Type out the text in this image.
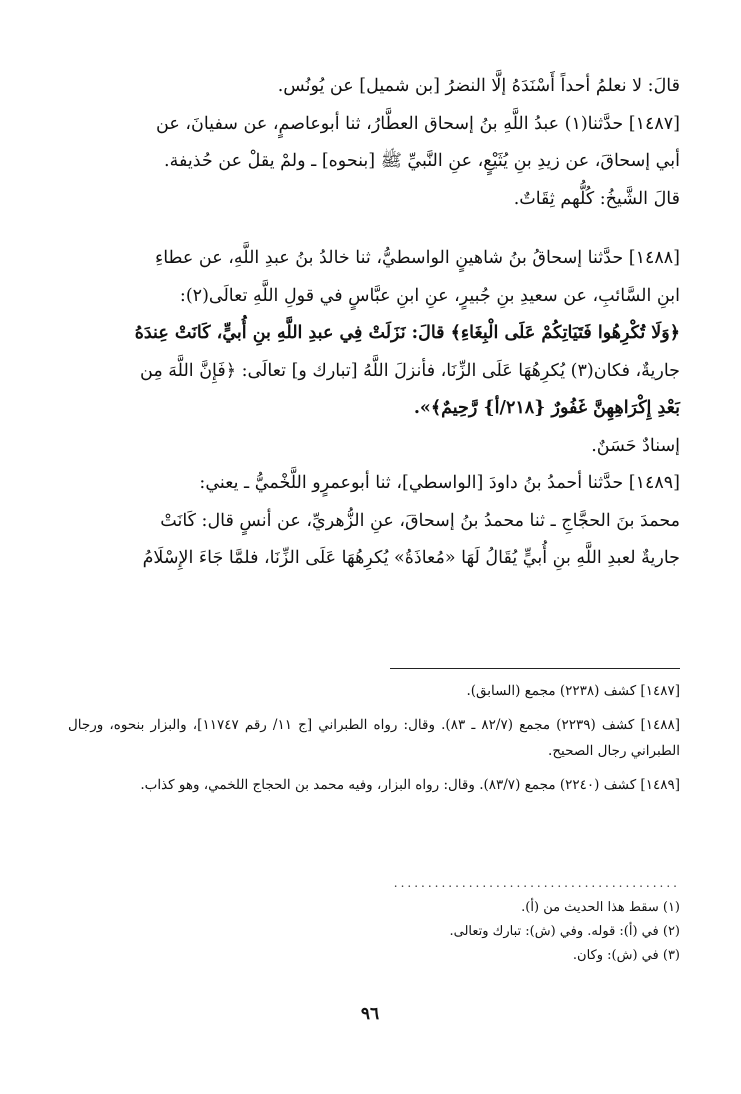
قالَ: لا نعلمُ أحداً أَسْنَدَهُ إلَّا النضرُ [بن شميل] عن يُونُس.

[١٤٨٧] حدَّثنا(١) عبدُ اللَّهِ بنُ إسحاق العطَّارُ، ثنا أبوعاصمٍ، عن سفيانَ، عن

أبي إسحاقَ، عن زيدِ بنِ يُثَيْعٍ، عنِ النَّبيِّ ﷺ [بنحوه] ـ ولمْ يقلْ عن حُذيفة.

قالَ الشَّيخُ: كُلُّهم ثِقَاتٌ.

[١٤٨٨] حدَّثنا إسحاقُ بنُ شاهينٍ الواسطيُّ، ثنا خالدُ بنُ عبدِ اللَّهِ، عن عطاءِ

ابنِ السَّائبِ، عن سعيدِ بنِ جُبيرٍ، عنِ ابنِ عبَّاسٍ في قولِ اللَّهِ تعالَى(٢):

﴿وَلَا تُكْرِهُوا فَتَيَاتِكُمْ عَلَى الْبِغَاءِ﴾ قالَ: نَزَلَتْ فِي عبدِ اللَّهِ بنِ أُبيٍّ، كَانَتْ عِندَهُ

جاريةٌ، فكان(٣) يُكرِهُهَا عَلَى الزِّنَا، فأنزلَ اللَّهُ [تبارك و] تعالَى: ﴿فَإِنَّ اللَّهَ مِن

بَعْدِ إِكْرَاهِهِنَّ غَفُورٌ {٢١٨/أ} رَّحِيمٌ﴾».

إسنادٌ حَسَنٌ.

[١٤٨٩] حدَّثنا أحمدُ بنُ داودَ [الواسطي]، ثنا أبوعمرٍو اللَّخْميُّ ـ يعني:

محمدَ بنَ الحجَّاجِ ـ ثنا محمدُ بنُ إسحاقَ، عنِ الزُّهريِّ، عن أنسٍ قال: كَانَتْ

جاريةٌ لعبدِ اللَّهِ بنِ أُبيٍّ يُقَالُ لَهَا «مُعاذَةُ» يُكرِهُهَا عَلَى الزِّنَا، فلمَّا جَاءَ الإِسْلَامُ

[١٤٨٧] كشف (٢٢٣٨) مجمع (السابق).

[١٤٨٨] كشف (٢٢٣٩) مجمع (٨٢/٧ ـ ٨٣). وقال: رواه الطبراني [ج ١١/ رقم ١١٧٤٧]، والبزار بنحوه، ورجال الطبراني رجال الصحيح.

[١٤٨٩] كشف (٢٢٤٠) مجمع (٨٣/٧). وقال: رواه البزار، وفيه محمد بن الحجاج اللخمي، وهو كذاب.

..........................................
(١) سقط هذا الحديث من (أ).
(٢) في (أ): قوله. وفي (ش): تبارك وتعالى.
(٣) في (ش): وكان.
٩٦
